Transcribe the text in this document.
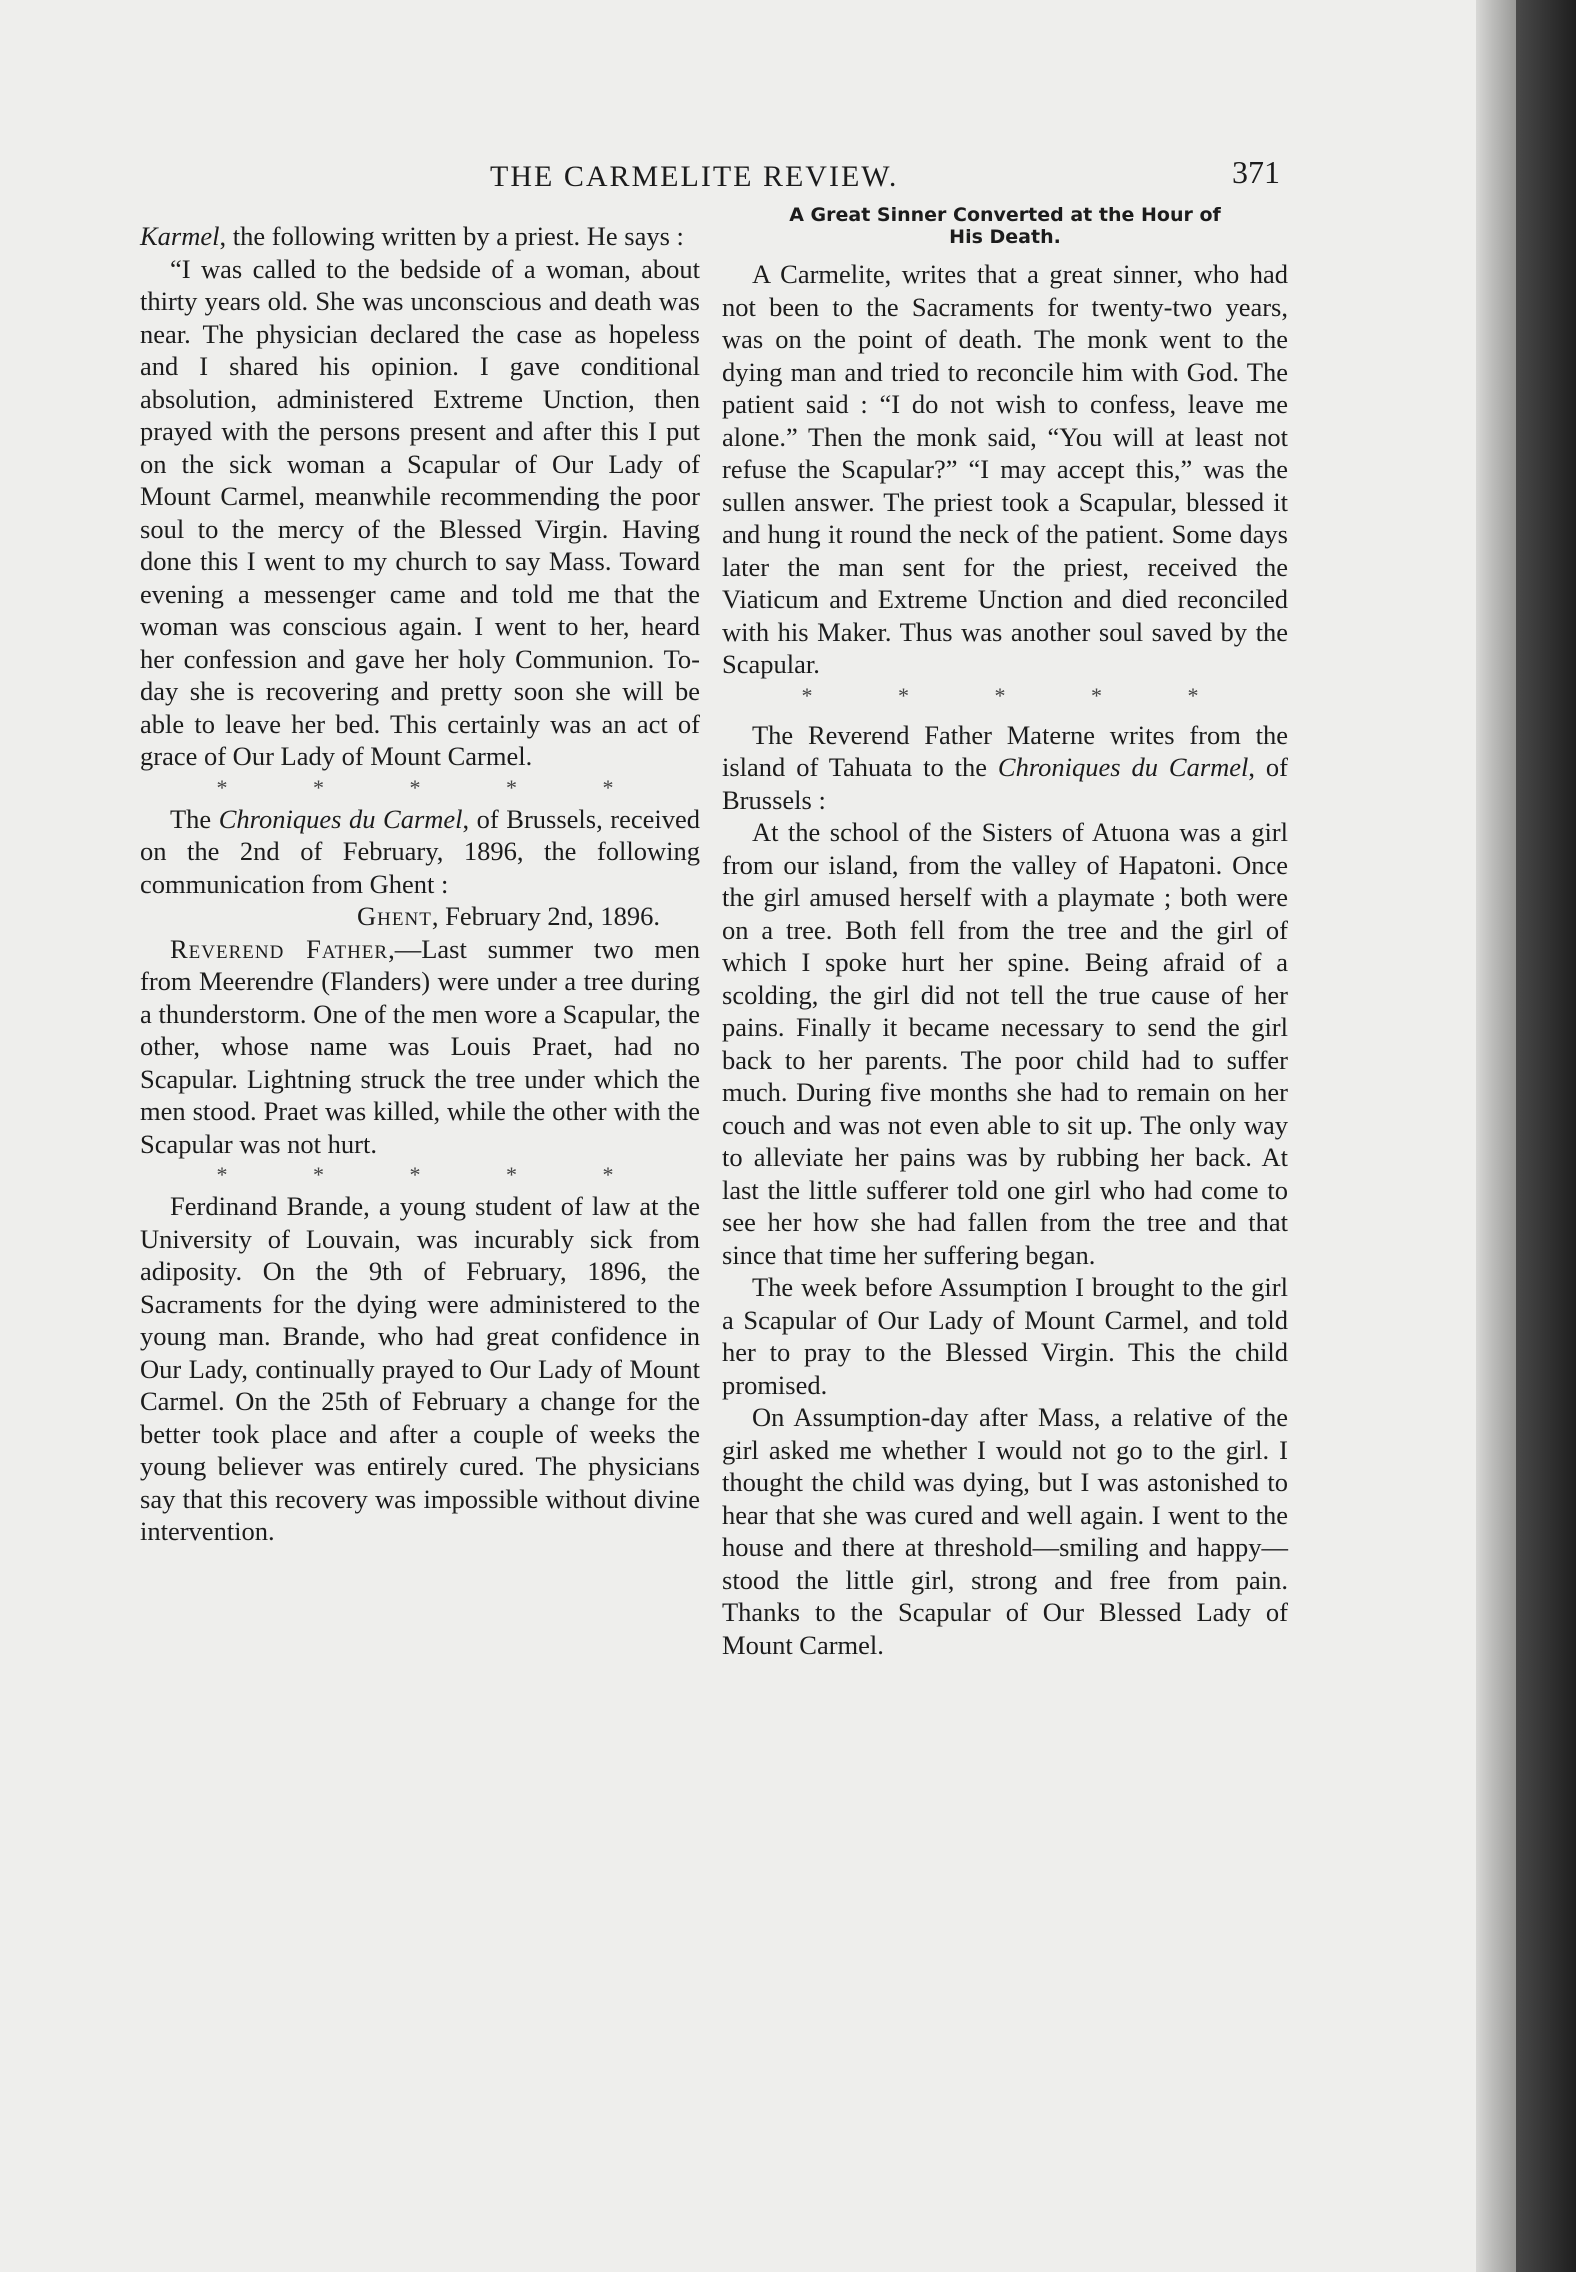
THE CARMELITE REVIEW.	371

Karmel, the following written by a priest. He says :

“I was called to the bedside of a woman, about thirty years old. She was unconscious and death was near. The physician declared the case as hopeless and I shared his opinion. I gave conditional absolution, administered Extreme Unction, then prayed with the persons present and after this I put on the sick woman a Scapular of Our Lady of Mount Carmel, meanwhile recommending the poor soul to the mercy of the Blessed Virgin. Having done this I went to my church to say Mass. Toward evening a messenger came and told me that the woman was conscious again. I went to her, heard her confession and gave her holy Communion. To-day she is recovering and pretty soon she will be able to leave her bed. This certainly was an act of grace of Our Lady of Mount Carmel.

* * * * *

The Chroniques du Carmel, of Brussels, received on the 2nd of February, 1896, the following communication from Ghent :

Ghent, February 2nd, 1896.

Reverend Father,—Last summer two men from Meerendre (Flanders) were under a tree during a thunderstorm. One of the men wore a Scapular, the other, whose name was Louis Praet, had no Scapular. Lightning struck the tree under which the men stood. Praet was killed, while the other with the Scapular was not hurt.

* * * * *

Ferdinand Brande, a young student of law at the University of Louvain, was incurably sick from adiposity. On the 9th of February, 1896, the Sacraments for the dying were administered to the young man. Brande, who had great confidence in Our Lady, continually prayed to Our Lady of Mount Carmel. On the 25th of February a change for the better took place and after a couple of weeks the young believer was entirely cured. The physicians say that this recovery was impossible without divine intervention.

A Great Sinner Converted at the Hour of
His Death.

A Carmelite, writes that a great sinner, who had not been to the Sacraments for twenty-two years, was on the point of death. The monk went to the dying man and tried to reconcile him with God. The patient said : “I do not wish to confess, leave me alone.” Then the monk said, “You will at least not refuse the Scapular?” “I may accept this,” was the sullen answer. The priest took a Scapular, blessed it and hung it round the neck of the patient. Some days later the man sent for the priest, received the Viaticum and Extreme Unction and died reconciled with his Maker. Thus was another soul saved by the Scapular.

* * * * *

The Reverend Father Materne writes from the island of Tahuata to the Chroniques du Carmel, of Brussels :

At the school of the Sisters of Atuona was a girl from our island, from the valley of Hapatoni. Once the girl amused herself with a playmate ; both were on a tree. Both fell from the tree and the girl of which I spoke hurt her spine. Being afraid of a scolding, the girl did not tell the true cause of her pains. Finally it became necessary to send the girl back to her parents. The poor child had to suffer much. During five months she had to remain on her couch and was not even able to sit up. The only way to alleviate her pains was by rubbing her back. At last the little sufferer told one girl who had come to see her how she had fallen from the tree and that since that time her suffering began.

The week before Assumption I brought to the girl a Scapular of Our Lady of Mount Carmel, and told her to pray to the Blessed Virgin. This the child promised.

On Assumption-day after Mass, a relative of the girl asked me whether I would not go to the girl. I thought the child was dying, but I was astonished to hear that she was cured and well again. I went to the house and there at threshold—smiling and happy—stood the little girl, strong and free from pain. Thanks to the Scapular of Our Blessed Lady of Mount Carmel.
